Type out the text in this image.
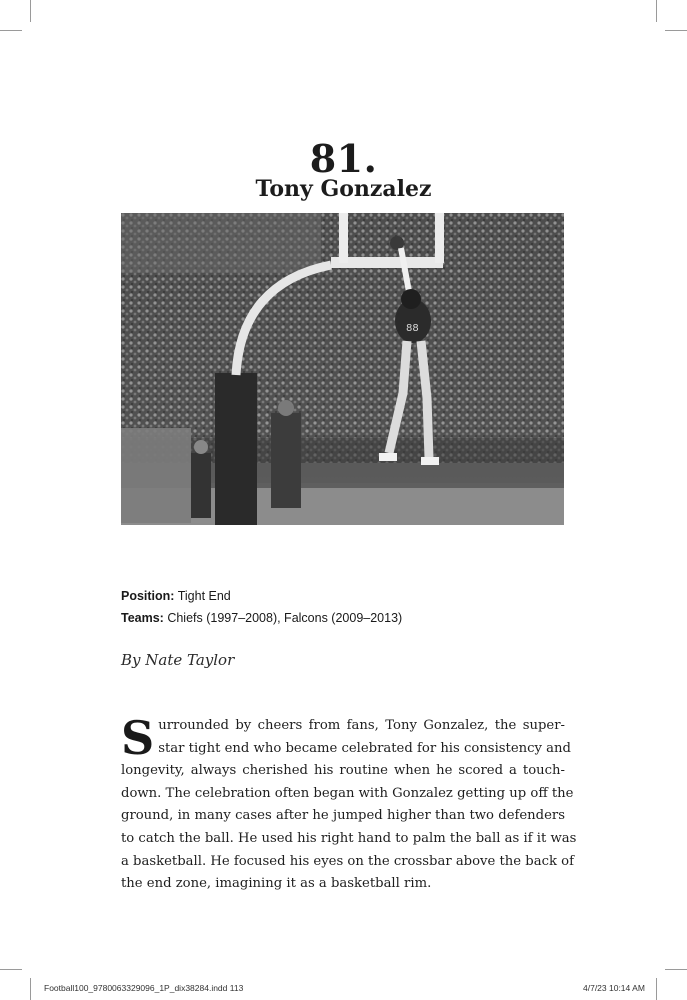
81.
Tony Gonzalez
88
Position: Tight End
Teams: Chiefs (1997–2008), Falcons (2009–2013)
By Nate Taylor
S urrounded by cheers from fans, Tony Gonzalez, the super-
star tight end who became celebrated for his consistency and
longevity, always cherished his routine when he scored a touch-
down. The celebration often began with Gonzalez getting up off the
ground, in many cases after he jumped higher than two defenders
to catch the ball. He used his right hand to palm the ball as if it was
a basketball. He focused his eyes on the crossbar above the back of
the end zone, imagining it as a basketball rim.
Football100_9780063329096_1P_dix38284.indd 113	4/7/23 10:14 AM
